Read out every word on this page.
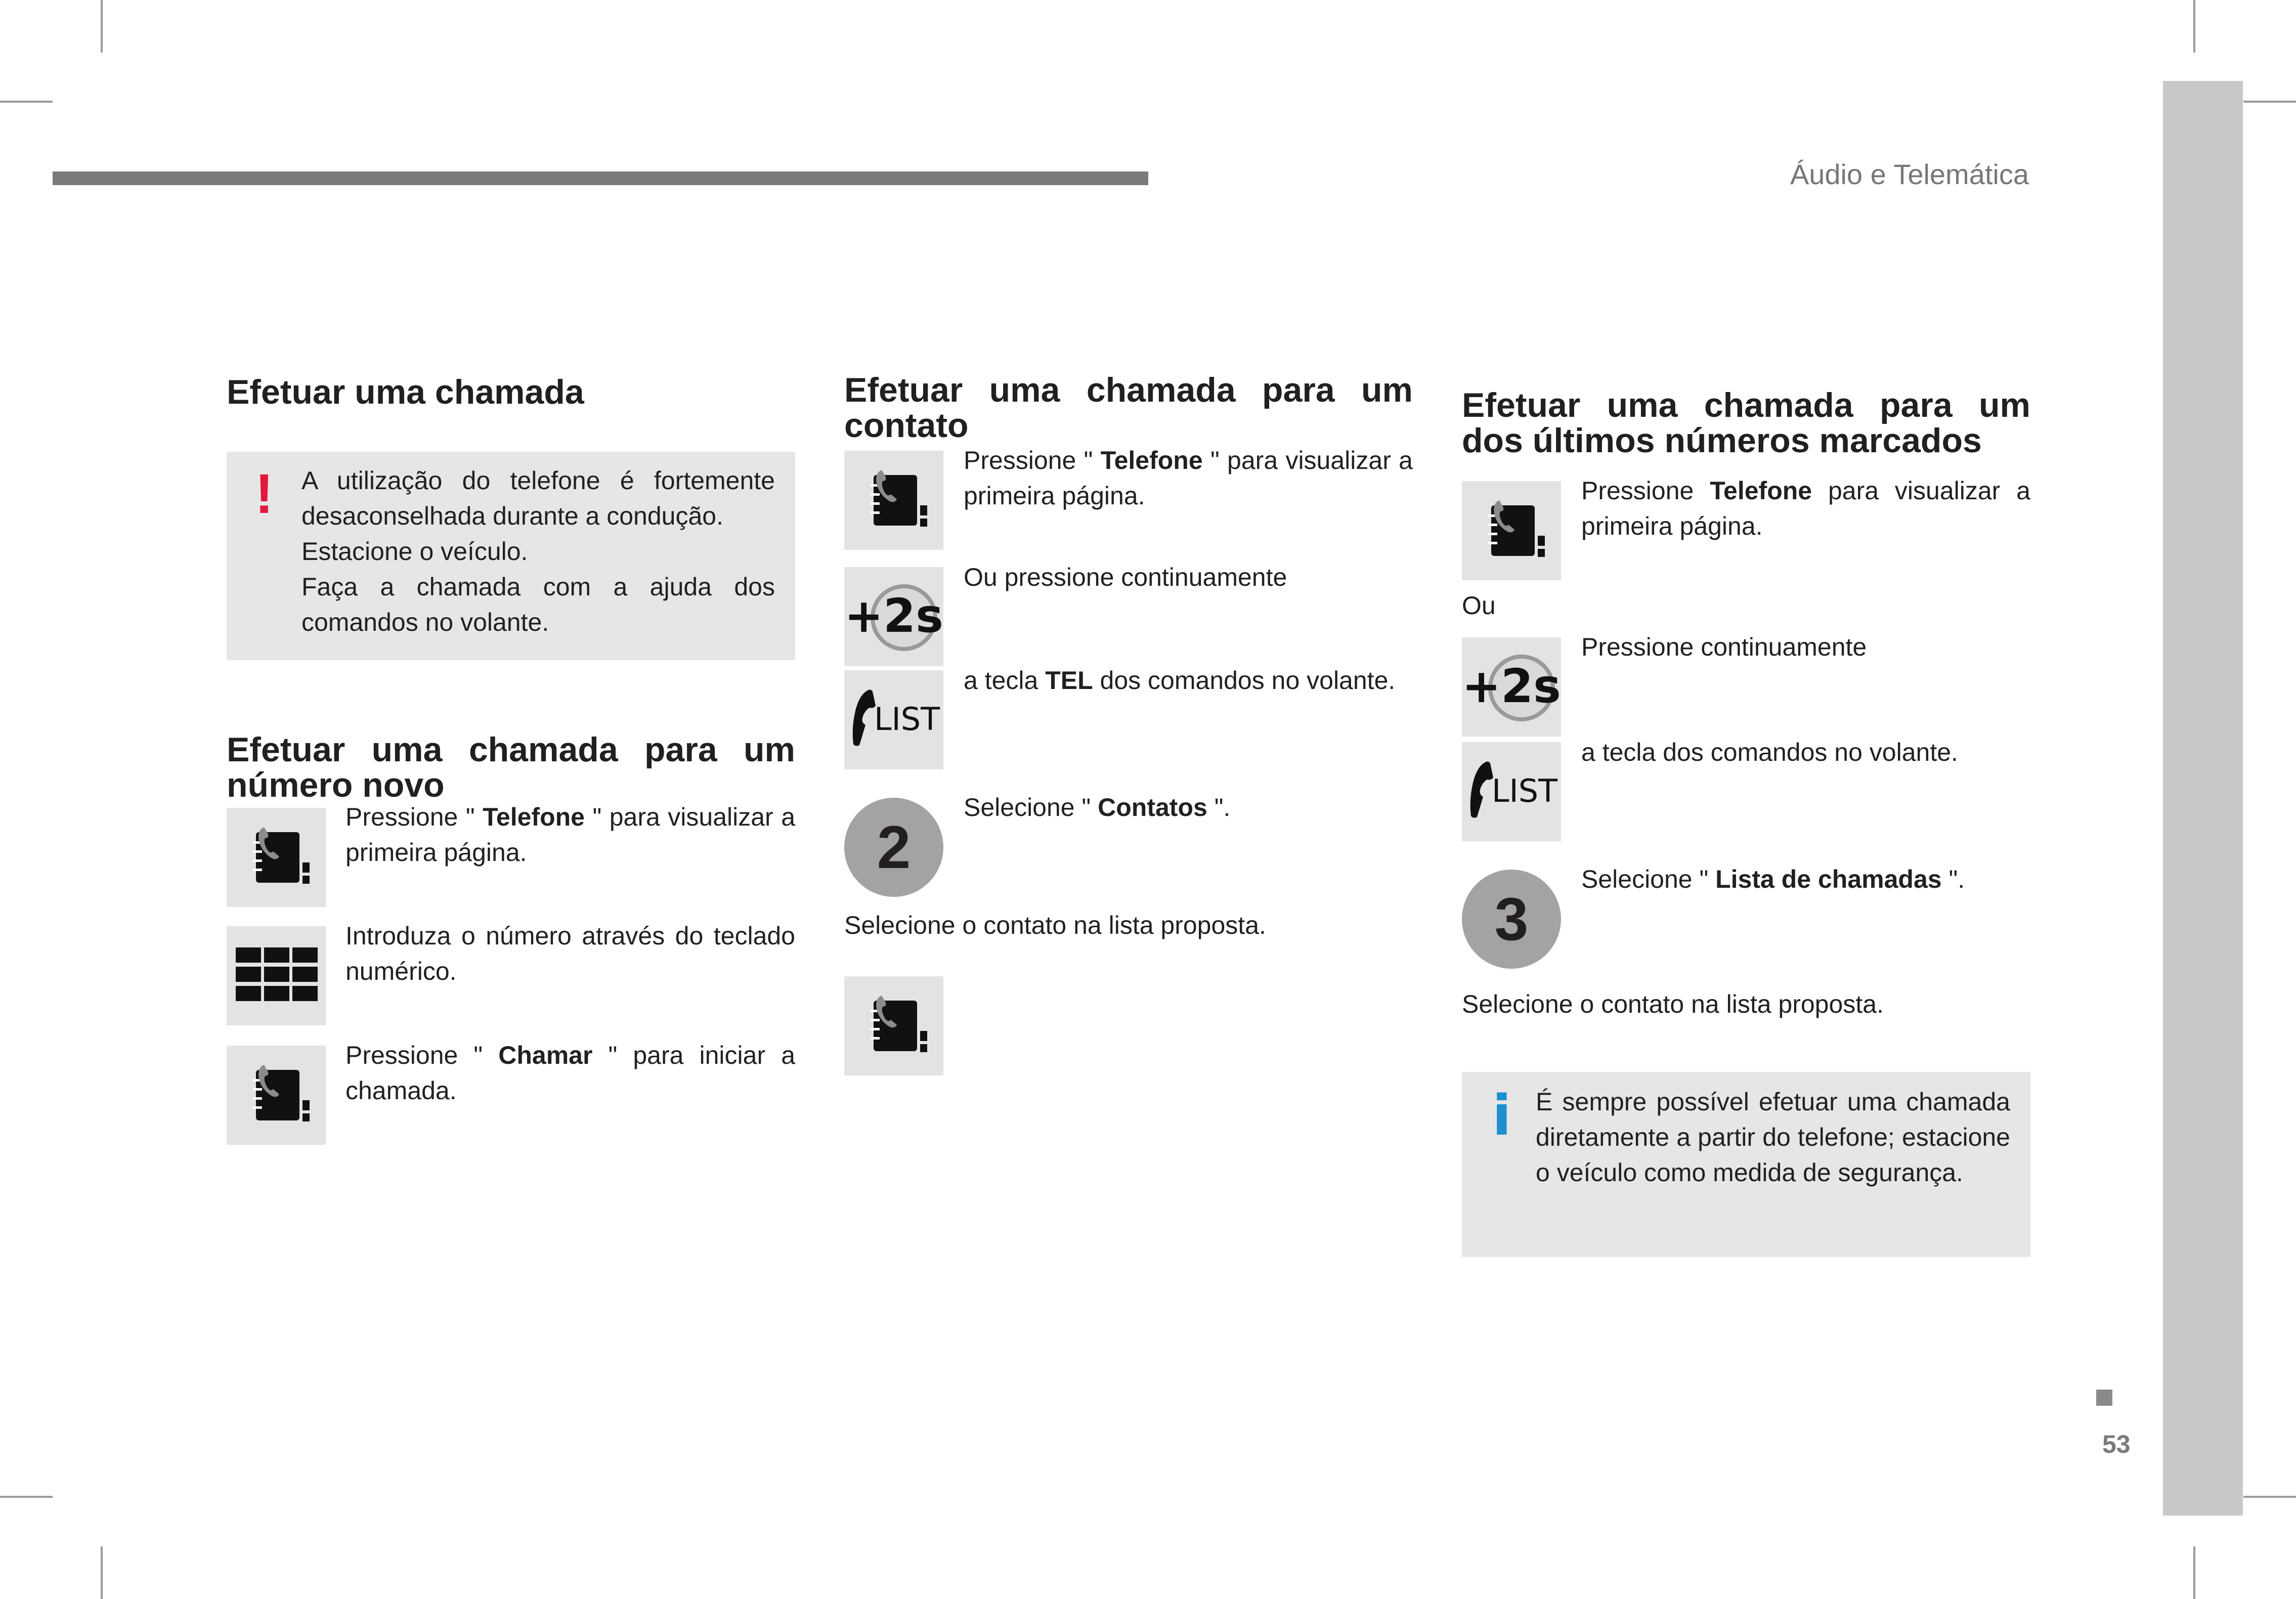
Áudio e Telemática
53
Efetuar uma chamada
! A utilização do telefone é fortemente desaconselhada durante a condução.
Estacione o veículo.
Faça a chamada com a ajuda dos comandos no volante.
Efetuar uma chamada para um número novo
Pressione " Telefone " para visualizar a primeira página.
Introduza o número através do teclado numérico.
Pressione " Chamar " para iniciar a chamada.
Efetuar uma chamada para um contato
Pressione " Telefone " para visualizar a primeira página.
+2s
Ou pressione continuamente
LIST
a tecla TEL dos comandos no volante.
2
Selecione " Contatos ".
Selecione o contato na lista proposta.
Efetuar uma chamada para um dos últimos números marcados
Pressione Telefone para visualizar a primeira página.
Ou
+2s
Pressione continuamente
LIST
a tecla dos comandos no volante.
3
Selecione " Lista de chamadas ".
Selecione o contato na lista proposta.
i É sempre possível efetuar uma chamada diretamente a partir do telefone; estacione o veículo como medida de segurança.
